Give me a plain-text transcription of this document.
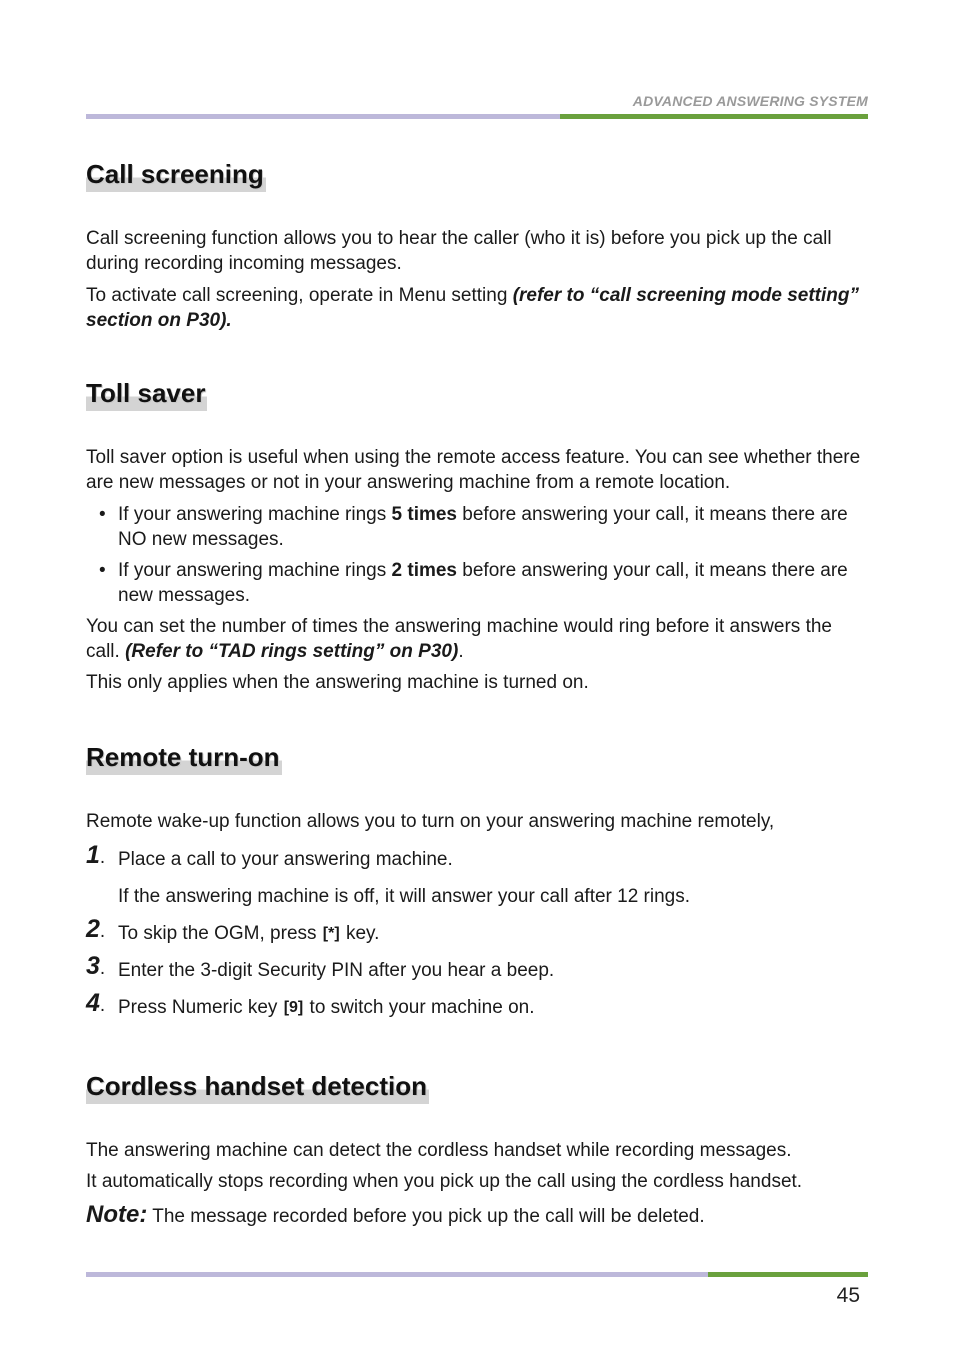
ADVANCED ANSWERING SYSTEM
Call screening

Call screening function allows you to hear the caller (who it is) before you pick up the call during recording incoming messages.

To activate call screening, operate in Menu setting (refer to “call screening mode setting” section on P30).

Toll saver

Toll saver option is useful when using the remote access feature. You can see whether there are new messages or not in your answering machine from a remote location.

• If your answering machine rings 5 times before answering your call, it means there are NO new messages.
• If your answering machine rings 2 times before answering your call, it means there are new messages.

You can set the number of times the answering machine would ring before it answers the call. (Refer to “TAD rings setting” on P30).

This only applies when the answering machine is turned on.

Remote turn-on

Remote wake-up function allows you to turn on your answering machine remotely,

1. Place a call to your answering machine.
If the answering machine is off, it will answer your call after 12 rings.
2. To skip the OGM, press [*] key.
3. Enter the 3-digit Security PIN after you hear a beep.
4. Press Numeric key [9] to switch your machine on.
Cordless handset detection

The answering machine can detect the cordless handset while recording messages.

It automatically stops recording when you pick up the call using the cordless handset.

Note: The message recorded before you pick up the call will be deleted.

45
